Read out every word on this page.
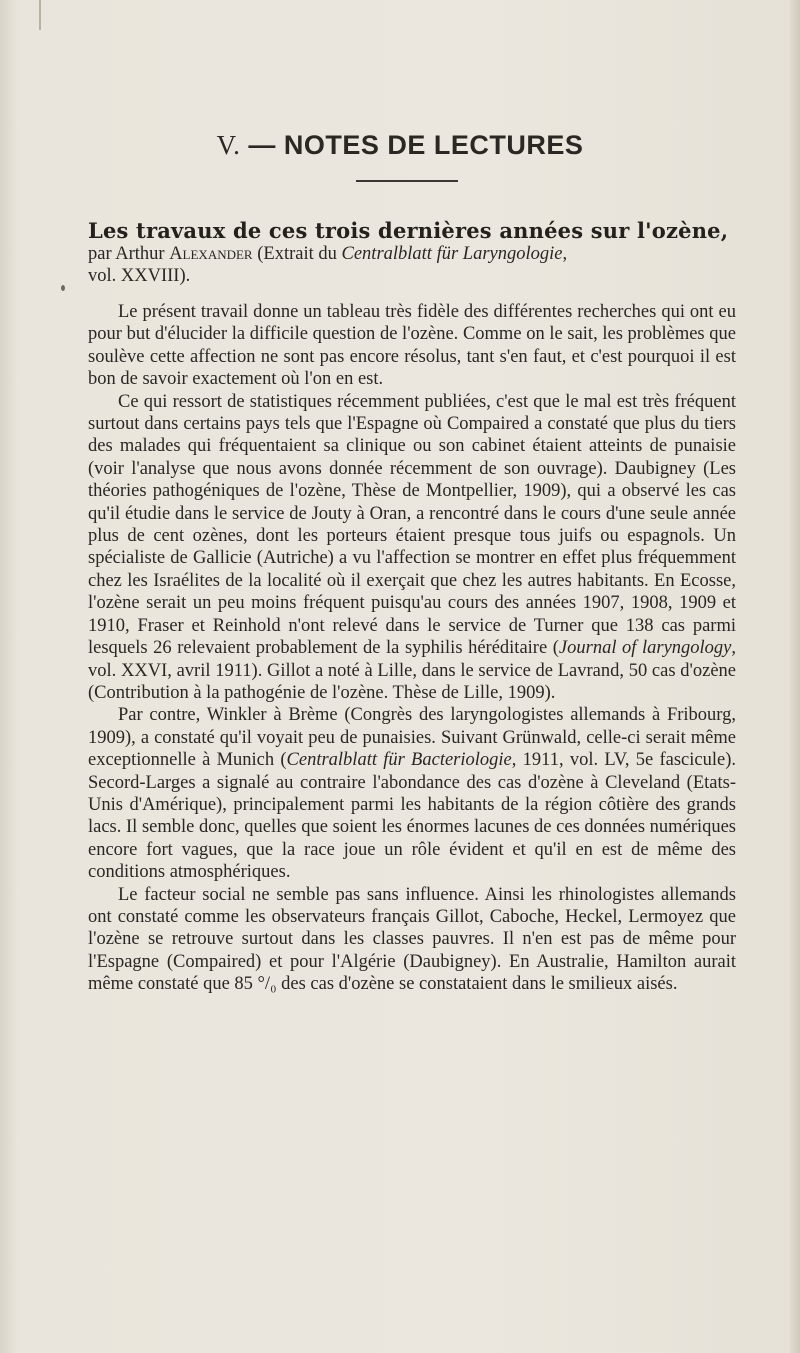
V. — NOTES DE LECTURES
Les travaux de ces trois dernières années sur l'ozène,
par Arthur Alexander (Extrait du Centralblatt für Laryngologie,
vol. XXVIII).

Le présent travail donne un tableau très fidèle des différentes recherches qui ont eu pour but d'élucider la difficile question de l'ozène. Comme on le sait, les problèmes que soulève cette affection ne sont pas encore résolus, tant s'en faut, et c'est pourquoi il est bon de savoir exactement où l'on en est.

Ce qui ressort de statistiques récemment publiées, c'est que le mal est très fréquent surtout dans certains pays tels que l'Espagne où Compaired a constaté que plus du tiers des malades qui fréquentaient sa clinique ou son cabinet étaient atteints de punaisie (voir l'analyse que nous avons donnée récemment de son ouvrage). Daubigney (Les théories pathogéniques de l'ozène, Thèse de Montpellier, 1909), qui a observé les cas qu'il étudie dans le service de Jouty à Oran, a rencontré dans le cours d'une seule année plus de cent ozènes, dont les porteurs étaient presque tous juifs ou espagnols. Un spécialiste de Gallicie (Autriche) a vu l'affection se montrer en effet plus fréquemment chez les Israélites de la localité où il exerçait que chez les autres habitants. En Ecosse, l'ozène serait un peu moins fréquent puisqu'au cours des années 1907, 1908, 1909 et 1910, Fraser et Reinhold n'ont relevé dans le service de Turner que 138 cas parmi lesquels 26 relevaient probablement de la syphilis héréditaire (Journal of laryngology, vol. XXVI, avril 1911). Gillot a noté à Lille, dans le service de Lavrand, 50 cas d'ozène (Contribution à la pathogénie de l'ozène. Thèse de Lille, 1909).

Par contre, Winkler à Brème (Congrès des laryngologistes allemands à Fribourg, 1909), a constaté qu'il voyait peu de punaisies. Suivant Grünwald, celle-ci serait même exceptionnelle à Munich (Centralblatt für Bacteriologie, 1911, vol. LV, 5e fascicule). Secord-Larges a signalé au contraire l'abondance des cas d'ozène à Cleveland (Etats-Unis d'Amérique), principalement parmi les habitants de la région côtière des grands lacs. Il semble donc, quelles que soient les énormes lacunes de ces données numériques encore fort vagues, que la race joue un rôle évident et qu'il en est de même des conditions atmosphériques.

Le facteur social ne semble pas sans influence. Ainsi les rhinologistes allemands ont constaté comme les observateurs français Gillot, Caboche, Heckel, Lermoyez que l'ozène se retrouve surtout dans les classes pauvres. Il n'en est pas de même pour l'Espagne (Compaired) et pour l'Algérie (Daubigney). En Australie, Hamilton aurait même constaté que 85 °/₀ des cas d'ozène se constataient dans le smilieux aisés.
